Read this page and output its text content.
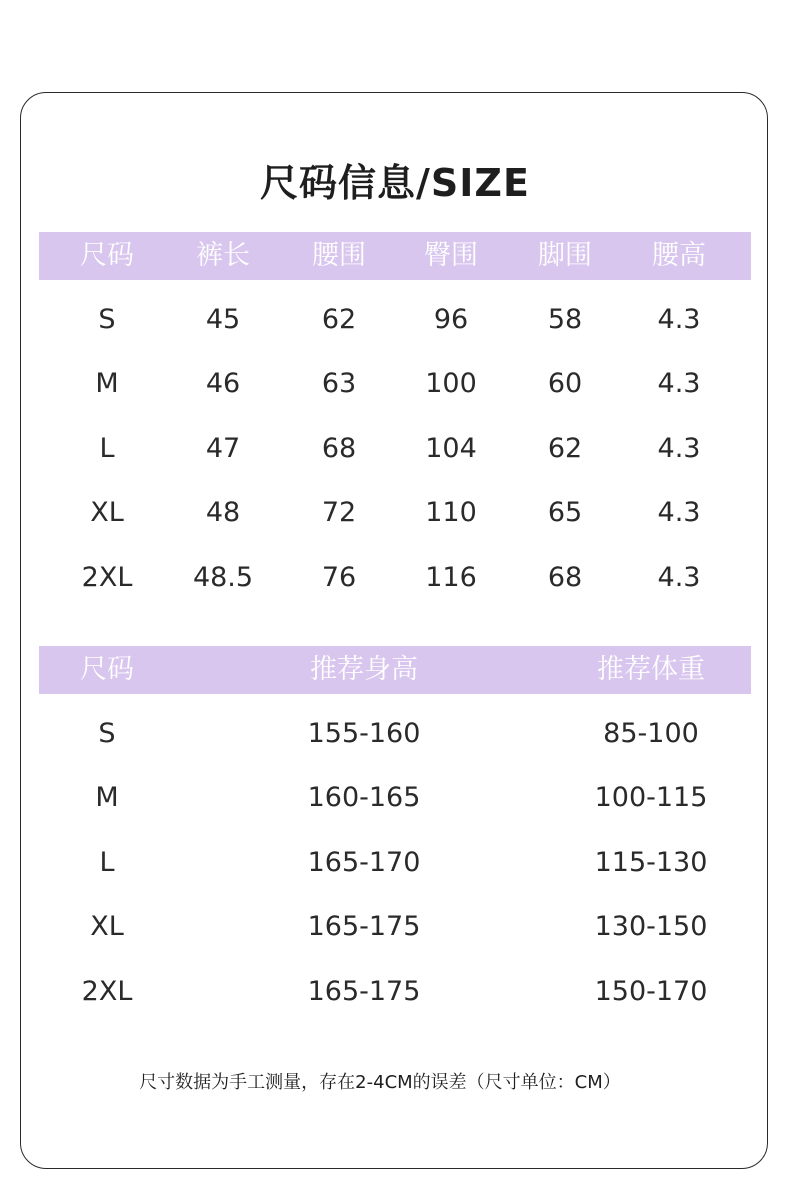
尺码信息/SIZE
尺码	裤长	腰围	臀围	脚围	腰高
S	45	62	96	58	4.3
M	46	63	100	60	4.3
L	47	68	104	62	4.3
XL	48	72	110	65	4.3
2XL	48.5	76	116	68	4.3
尺码	推荐身高	推荐体重
S	155-160	85-100
M	160-165	100-115
L	165-170	115-130
XL	165-175	130-150
2XL	165-175	150-170
尺寸数据为手工测量，存在2-4CM的误差（尺寸单位：CM）
